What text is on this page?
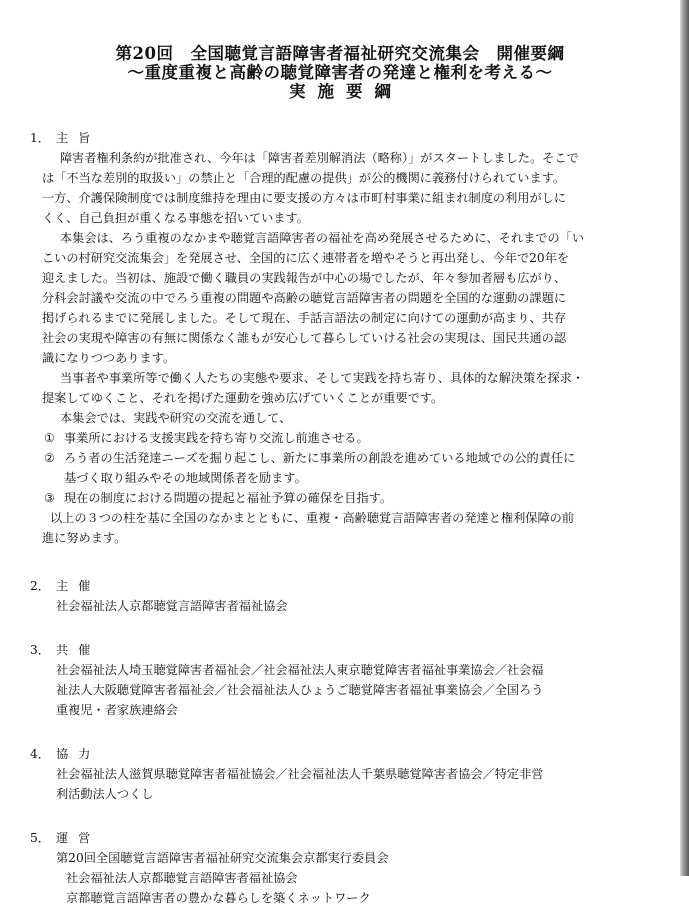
第20回　全国聴覚言語障害者福祉研究交流集会　開催要綱
～重度重複と高齢の聴覚障害者の発達と権利を考える～
実施要綱
1． 主旨
障害者権利条約が批准され、今年は「障害者差別解消法（略称）」がスタートしました。そこで
は「不当な差別的取扱い」の禁止と「合理的配慮の提供」が公的機関に義務付けられています。
一方、介護保険制度では制度維持を理由に要支援の方々は市町村事業に組まれ制度の利用がしに
くく、自己負担が重くなる事態を招いています。
本集会は、ろう重複のなかまや聴覚言語障害者の福祉を高め発展させるために、それまでの「い
こいの村研究交流集会」を発展させ、全国的に広く連帯者を増やそうと再出発し、今年で20年を
迎えました。当初は、施設で働く職員の実践報告が中心の場でしたが、年々参加者層も広がり、
分科会討議や交流の中でろう重複の問題や高齢の聴覚言語障害者の問題を全国的な運動の課題に
掲げられるまでに発展しました。そして現在、手話言語法の制定に向けての運動が高まり、共存
社会の実現や障害の有無に関係なく誰もが安心して暮らしていける社会の実現は、国民共通の認
識になりつつあります。
当事者や事業所等で働く人たちの実態や要求、そして実践を持ち寄り、具体的な解決策を探求・
提案してゆくこと、それを掲げた運動を強め広げていくことが重要です。
本集会では、実践や研究の交流を通して、
① 事業所における支援実践を持ち寄り交流し前進させる。
② ろう者の生活発達ニーズを掘り起こし、新たに事業所の創設を進めている地域での公的責任に
基づく取り組みやその地域関係者を励ます。
③ 現在の制度における問題の提起と福祉予算の確保を目指す。
以上の３つの柱を基に全国のなかまとともに、重複・高齢聴覚言語障害者の発達と権利保障の前
進に努めます。
2． 主催
社会福祉法人京都聴覚言語障害者福祉協会
3． 共催
社会福祉法人埼玉聴覚障害者福祉会／社会福祉法人東京聴覚障害者福祉事業協会／社会福
祉法人大阪聴覚障害者福祉会／社会福祉法人ひょうご聴覚障害者福祉事業協会／全国ろう
重複児・者家族連絡会
4． 協力
社会福祉法人滋賀県聴覚障害者福祉協会／社会福祉法人千葉県聴覚障害者協会／特定非営
利活動法人つくし
5． 運営
第20回全国聴覚言語障害者福祉研究交流集会京都実行委員会
社会福祉法人京都聴覚言語障害者福祉協会
京都聴覚言語障害者の豊かな暮らしを築くネットワーク
